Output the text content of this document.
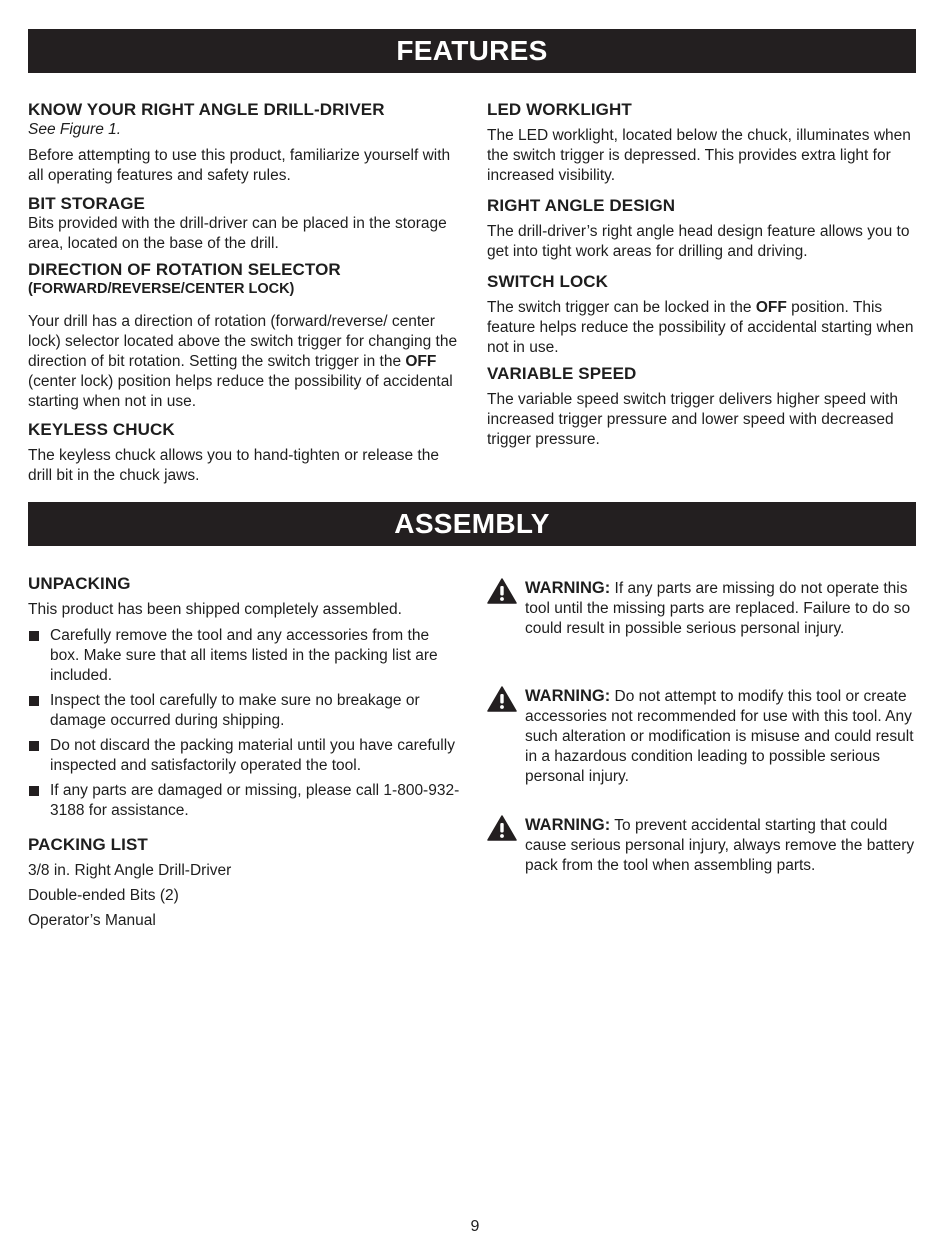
FEATURES

KNOW YOUR RIGHT ANGLE DRILL-DRIVER

See Figure 1.

Before attempting to use this product, familiarize yourself with all operating features and safety rules.

BIT STORAGE

Bits provided with the drill-driver can be placed in the storage area, located on the base of the drill.

DIRECTION OF ROTATION SELECTOR

(FORWARD/REVERSE/CENTER LOCK)

Your drill has a direction of rotation (forward/reverse/ center lock) selector located above the switch trigger for changing the direction of bit rotation. Setting the switch trigger in the OFF (center lock) position helps reduce the possibility of accidental starting when not in use.

KEYLESS CHUCK

The keyless chuck allows you to hand-tighten or release the drill bit in the chuck jaws.

LED WORKLIGHT

The LED worklight, located below the chuck, illuminates when the switch trigger is depressed. This provides extra light for increased visibility.

RIGHT ANGLE DESIGN

The drill-driver’s right angle head design feature allows you to get into tight work areas for drilling and driving.

SWITCH LOCK

The switch trigger can be locked in the OFF position. This feature helps reduce the possibility of accidental starting when not in use.

VARIABLE SPEED

The variable speed switch trigger delivers higher speed with increased trigger pressure and lower speed with decreased trigger pressure.

ASSEMBLY

UNPACKING

This product has been shipped completely assembled.

Carefully remove the tool and any accessories from the box. Make sure that all items listed in the packing list are included.
Inspect the tool carefully to make sure no breakage or damage occurred during shipping.
Do not discard the packing material until you have carefully inspected and satisfactorily operated the tool.
If any parts are damaged or missing, please call 1-800-932-3188 for assistance.

PACKING LIST

3/8 in. Right Angle Drill-Driver

Double-ended Bits (2)

Operator’s Manual

WARNING: If any parts are missing do not operate this tool until the missing parts are replaced. Failure to do so could result in possible serious personal injury.
WARNING: Do not attempt to modify this tool or create accessories not recommended for use with this tool. Any such alteration or modification is misuse and could result in a hazardous condition leading to possible serious personal injury.
WARNING: To prevent accidental starting that could cause serious personal injury, always remove the battery pack from the tool when assembling parts.
9
